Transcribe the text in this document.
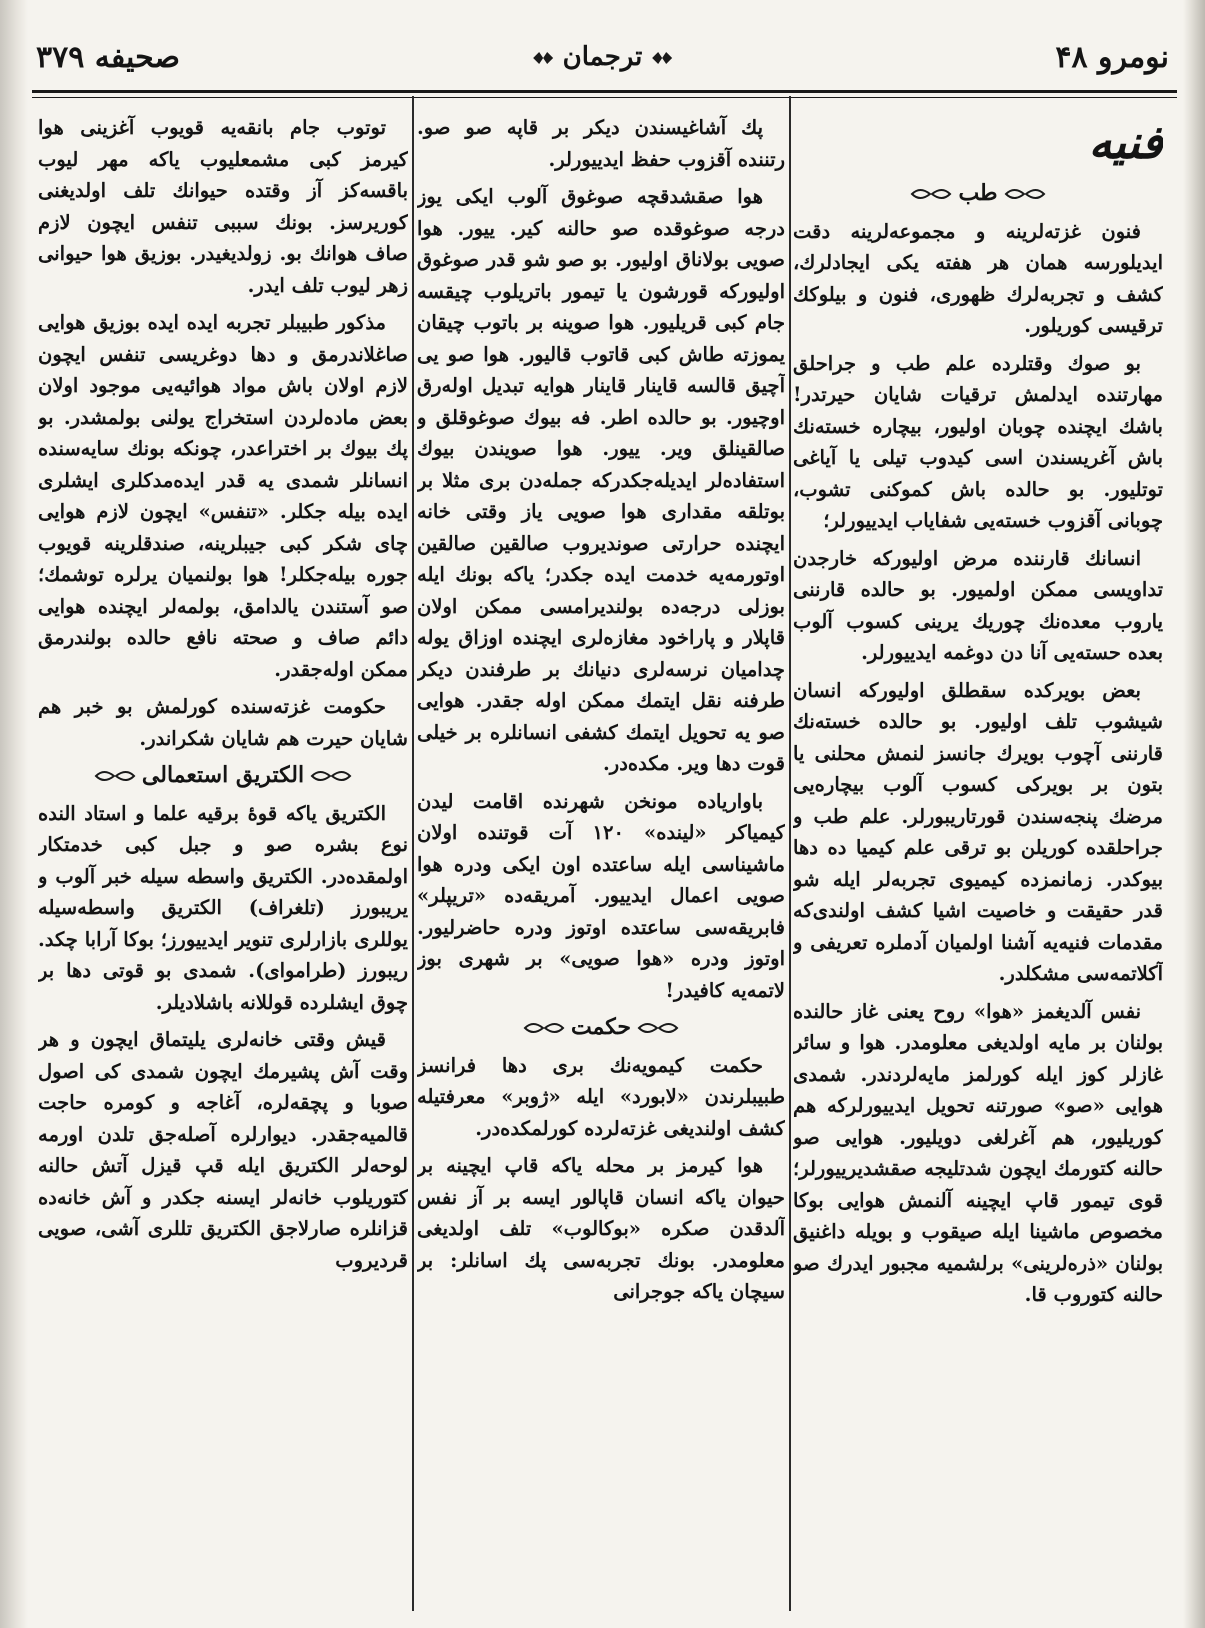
نومرو ۴۸
ترجمان
صحیفه ۳۷۹

فنیه

طب

فنون غزته‌لرینه و مجموعه‌لرینه دقت ایدیلورسه همان هر هفته یکی ایجادلرك، كشف و تجربه‌لرك ظهوری، فنون و بیلوكك ترقیسی كوریلور.

بو صوك وقتلرده علم طب و جراحلق مهارتنده ایدلمش ترقیات شایان حیرتدر! باشك ایچنده چوبان اولیور، بیچاره خسته‌نك باش آغریسندن اسی كیدوب تیلی یا آیاغی توتلیور. بو حالده باش كموكنی تشوب، چوبانی آقزوب خسته‌یی شفایاب ایدییورلر؛

انسانك قارننده مرض اولیورکه خارجدن تداویسی ممکن اولمیور. بو حالده قارننی یاروب معده‌نك چوریك یرینی كسوب آلوب بعده حسته‌یی آنا دن دوغمه ایدییورلر.

بعض بویركده سقطلق اولیورکه انسان شیشوب تلف اولیور. بو حالده خسته‌نك قارننی آچوب بویرك جانسز لنمش محلنی یا بتون بر بویركی كسوب آلوب بیچاره‌یی مرضك پنجه‌سندن قورتاریبورلر. علم طب و جراحلقده كوریلن بو ترقی علم كیمیا ده دها بیوكدر. زمانمزده كیمیوی تجربه‌لر ایله شو قدر حقیقت و خاصیت اشیا كشف اولندی‌كه مقدمات فنیه‌یه آشنا اولمیان آدملره تعریفی و آكلاتمه‌سی مشكلدر.

نفس آلدیغمز «هوا» روح یعنی غاز حالنده بولنان بر مایه اولدیغی معلومدر. هوا و سائر غازلر كوز ایله كورلمز مایه‌لردندر. شمدی هوایی «صو» صورتنه تحویل ایدییورلركه هم كوریلیور، هم آغرلغی دویلیور. هوایی صو حالنه كتورمك ایچون شدتلیجه صقشدیرییورلر؛ قوی تیمور قاپ ایچینه آلنمش هوایی بوكا مخصوص ماشینا ایله صیقوب و بویله داغنیق بولنان «ذره‌لرینی» برلشمیه مجبور ایدرك صو حالنه كتوروب قا.

پك آشاغیسندن دیكر بر قاپه صو صو. رتننده آقزوب حفظ ایدییورلر.

هوا صقشدقچه صوغوق آلوب ایكی یوز درجه صوغوقده صو حالنه كیر. ییور. هوا صویی بولاناق اولیور. بو صو شو قدر صوغوق اولیوركه قورشون یا تیمور باتریلوب چیقسه جام كبی قریلیور. هوا صوینه بر باتوب چیقان یموزته طاش كبی قاتوب قالیور. هوا صو یی آچیق قالسه قاینار قاینار هوایه تبدیل اوله‌رق اوچیور. بو حالده اطر. فه بیوك صوغوقلق و صالقینلق ویر. ییور. هوا صویندن بیوك استفاده‌لر ایدیله‌جكدركه جمله‌دن بری مثلا بر بوتلقه مقداری هوا صویی یاز وقتی خانه ایچنده حرارتی صوندیروب صالقین صالقین اوتورمه‌یه خدمت ایده جكدر؛ یاكه بونك ایله بوزلی درجه‌ده بولندیرامسی ممکن اولان قاپلار و پاراخود مغازه‌لری ایچنده اوزاق یوله چدامیان نرسه‌لری دنیانك بر طرفندن دیكر طرفنه نقل ایتمك ممکن اوله جقدر. هوایی صو یه تحویل ایتمك كشفی انسانلره بر خیلی قوت دها ویر. مكده‌در.

باواریاده مونخن شهرنده اقامت لیدن كیمیاكر «لینده» ۱۲۰ آت قوتنده اولان ماشیناسی ایله ساعتده اون ایكی ودره هوا صویی اعمال ایدییور. آمریقه‌ده «تریپلر» فابریقه‌سی ساعتده اوتوز ودره حاضرلیور. اوتوز ودره «هوا صویی» بر شهری بوز لاتمه‌یه كافیدر!

حكمت

حكمت كیمویه‌نك بری دها فرانسز طبیبلرندن «لابورد» ایله «ژوبر» معرفتیله كشف اولندیغی غزته‌لرده كورلمكده‌در.

هوا كیرمز بر محله یاكه قاپ ایچینه بر حیوان یاكه انسان قاپالور ایسه بر آز نفس آلدقدن صكره «بوكالوب» تلف اولدیغی معلومدر. بونك تجربه‌سی پك اسانلر: بر سیچان یاكه جوجرانی

توتوب جام بانقه‌یه قویوب آغزینی هوا كیرمز كبی مشمعلیوب یاكه مهر لیوب باقسه‌كز آز وقتده حیوانك تلف اولدیغنی كوریرسز. بونك سببی تنفس ایچون لازم صاف هوانك بو. زولدیغیدر. بوزیق هوا حیوانی زهر لیوب تلف ایدر.

مذكور طبیبلر تجربه ایده ایده بوزیق هوایی صاغلاندرمق و دها دوغریسی تنفس ایچون لازم اولان باش مواد هوائیه‌یی موجود اولان بعض ماده‌لردن استخراج یولنی بولمشدر. بو پك بیوك بر اختراعدر، چونكه بونك سایه‌سنده انسانلر شمدی یه قدر ایده‌مدكلری ایشلری ایده بیله جكلر. «تنفس» ایچون لازم هوایی چای شكر كبی جیبلرینه، صندقلرینه قویوب جوره بیله‌جكلر! هوا بولنمیان یرلره توشمك؛ صو آستندن یالدامق، بولمه‌لر ایچنده هوایی دائم صاف و صحته نافع حالده بولندرمق ممکن اوله‌جقدر.

حكومت غزته‌سنده كورلمش بو خبر هم شایان حیرت هم شایان شكراندر.

الكتریق استعمالی

الكتریق یاكه قوهٔ برقیه علما و استاد النده نوع بشره صو و جبل كبی خدمتكار اولمقده‌در. الكتریق واسطه سیله خبر آلوب و یریبورز (تلغراف) الكتریق واسطه‌سیله یوللری بازارلری تنویر ایدییورز؛ بوكا آرابا چكد. ریبورز (طراموای). شمدی بو قوتی دها بر چوق ایشلرده قوللانه باشلادیلر.

قیش وقتی خانه‌لری یلیتماق ایچون و هر وقت آش پشیرمك ایچون شمدی كی اصول صوبا و پچقه‌لره، آغاجه و كومره حاجت قالمیه‌جقدر. دیوارلره آصله‌جق تلدن اورمه لوحه‌لر الكتریق ایله قپ قیزل آتش حالنه كتوریلوب خانه‌لر ایسنه جكدر و آش خانه‌ده قزانلره صارلاجق الكتریق تللری آشی، صویی قردیروب
